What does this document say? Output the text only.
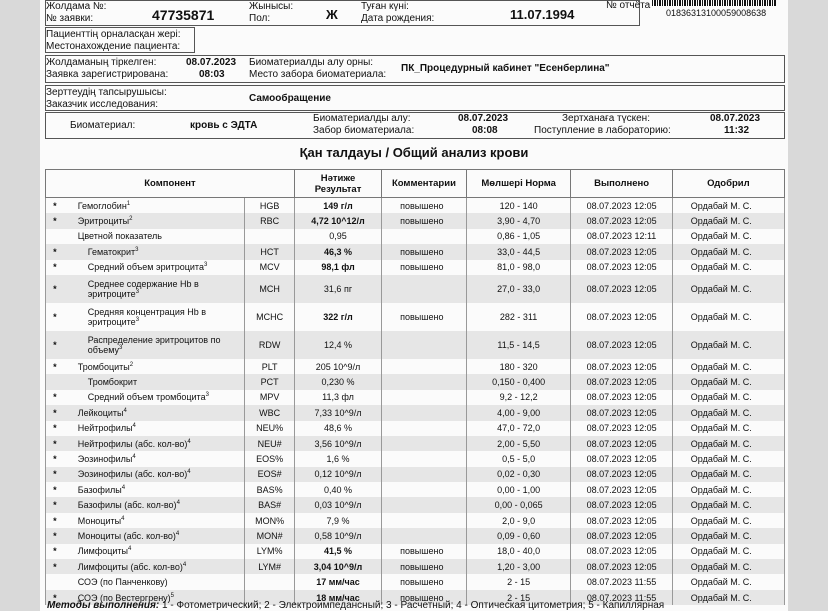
Жолдама №:
№ заявки:	47735871
Жынысы:
Пол:	Ж
Туған күні:
Дата рождения:	11.07.1994
№ отчёта
01836313100059008638
Пациенттің орналасқан жері:
Местонахождение пациента:
Жолдаманың тіркелген:
Заявка зарегистрирована:
08.07.2023
08:03
Биоматериалды алу орны:
Место забора биоматериала:
ПК_Процедурный кабинет "Есенберлина"
Зерттеудің тапсырушысы:
Заказчик исследования:
Самообращение
Биоматериал:	кровь с ЭДТА
Биоматериалды алу:
Забор биоматериала:
08.07.2023
08:08
Зертханаға түскен:
Поступление в лабораторию:
08.07.2023
11:32
Қан талдауы / Общий анализ крови
Компонент			Нәтиже Результат	Комментарии	Мөлшері Норма	Выполнено	Одобрил
*	Гемоглобин$^1$	HGB	149 г/л	повышено	120 - 140	08.07.2023 12:05	Ордабай М. С.
*	Эритроциты$^2$	RBC	4,72 10^12/л	повышено	3,90 - 4,70	08.07.2023 12:05	Ордабай М. С.
	Цветной показатель		0,95		0,86 - 1,05	08.07.2023 12:11	Ордабай М. С.
*	Гематокрит$^3$	HCT	46,3 %	повышено	33,0 - 44,5	08.07.2023 12:05	Ордабай М. С.
*	Средний объем эритроцита$^3$	MCV	98,1 фл	повышено	81,0 - 98,0	08.07.2023 12:05	Ордабай М. С.
*	Среднее содержание Hb в эритроците$^3$	MCH	31,6 пг		27,0 - 33,0	08.07.2023 12:05	Ордабай М. С.
*	Средняя концентрация Hb в эритроците$^3$	MCHC	322 г/л	повышено	282 - 311	08.07.2023 12:05	Ордабай М. С.
*	Распределение эритроцитов по объему$^3$	RDW	12,4 %		11,5 - 14,5	08.07.2023 12:05	Ордабай М. С.
*	Тромбоциты$^2$	PLT	205 10^9/л		180 - 320	08.07.2023 12:05	Ордабай М. С.
	Тромбокрит	PCT	0,230 %		0,150 - 0,400	08.07.2023 12:05	Ордабай М. С.
*	Средний объем тромбоцита$^3$	MPV	11,3 фл		9,2 - 12,2	08.07.2023 12:05	Ордабай М. С.
*	Лейкоциты$^4$	WBC	7,33 10^9/л		4,00 - 9,00	08.07.2023 12:05	Ордабай М. С.
*	Нейтрофилы$^4$	NEU%	48,6 %		47,0 - 72,0	08.07.2023 12:05	Ордабай М. С.
*	Нейтрофилы (абс. кол-во)$^4$	NEU#	3,56 10^9/л		2,00 - 5,50	08.07.2023 12:05	Ордабай М. С.
*	Эозинофилы$^4$	EOS%	1,6 %		0,5 - 5,0	08.07.2023 12:05	Ордабай М. С.
*	Эозинофилы (абс. кол-во)$^4$	EOS#	0,12 10^9/л		0,02 - 0,30	08.07.2023 12:05	Ордабай М. С.
*	Базофилы$^4$	BAS%	0,40 %		0,00 - 1,00	08.07.2023 12:05	Ордабай М. С.
*	Базофилы (абс. кол-во)$^4$	BAS#	0,03 10^9/л		0,00 - 0,065	08.07.2023 12:05	Ордабай М. С.
*	Моноциты$^4$	MON%	7,9 %		2,0 - 9,0	08.07.2023 12:05	Ордабай М. С.
*	Моноциты (абс. кол-во)$^4$	MON#	0,58 10^9/л		0,09 - 0,60	08.07.2023 12:05	Ордабай М. С.
*	Лимфоциты$^4$	LYM%	41,5 %	повышено	18,0 - 40,0	08.07.2023 12:05	Ордабай М. С.
*	Лимфоциты (абс. кол-во)$^4$	LYM#	3,04 10^9/л	повышено	1,20 - 3,00	08.07.2023 12:05	Ордабай М. С.
	СОЭ (по Панченкову)		17 мм/час	повышено	2 - 15	08.07.2023 11:55	Ордабай М. С.
*	СОЭ (по Вестергрену)$^5$		18 мм/час	повышено	2 - 15	08.07.2023 11:55	Ордабай М. С.
Методы выполнения: 1 - Фотометрический; 2 - Электроимпедансный; 3 - Расчетный; 4 - Оптическая цитометрия; 5 - Капиллярная
